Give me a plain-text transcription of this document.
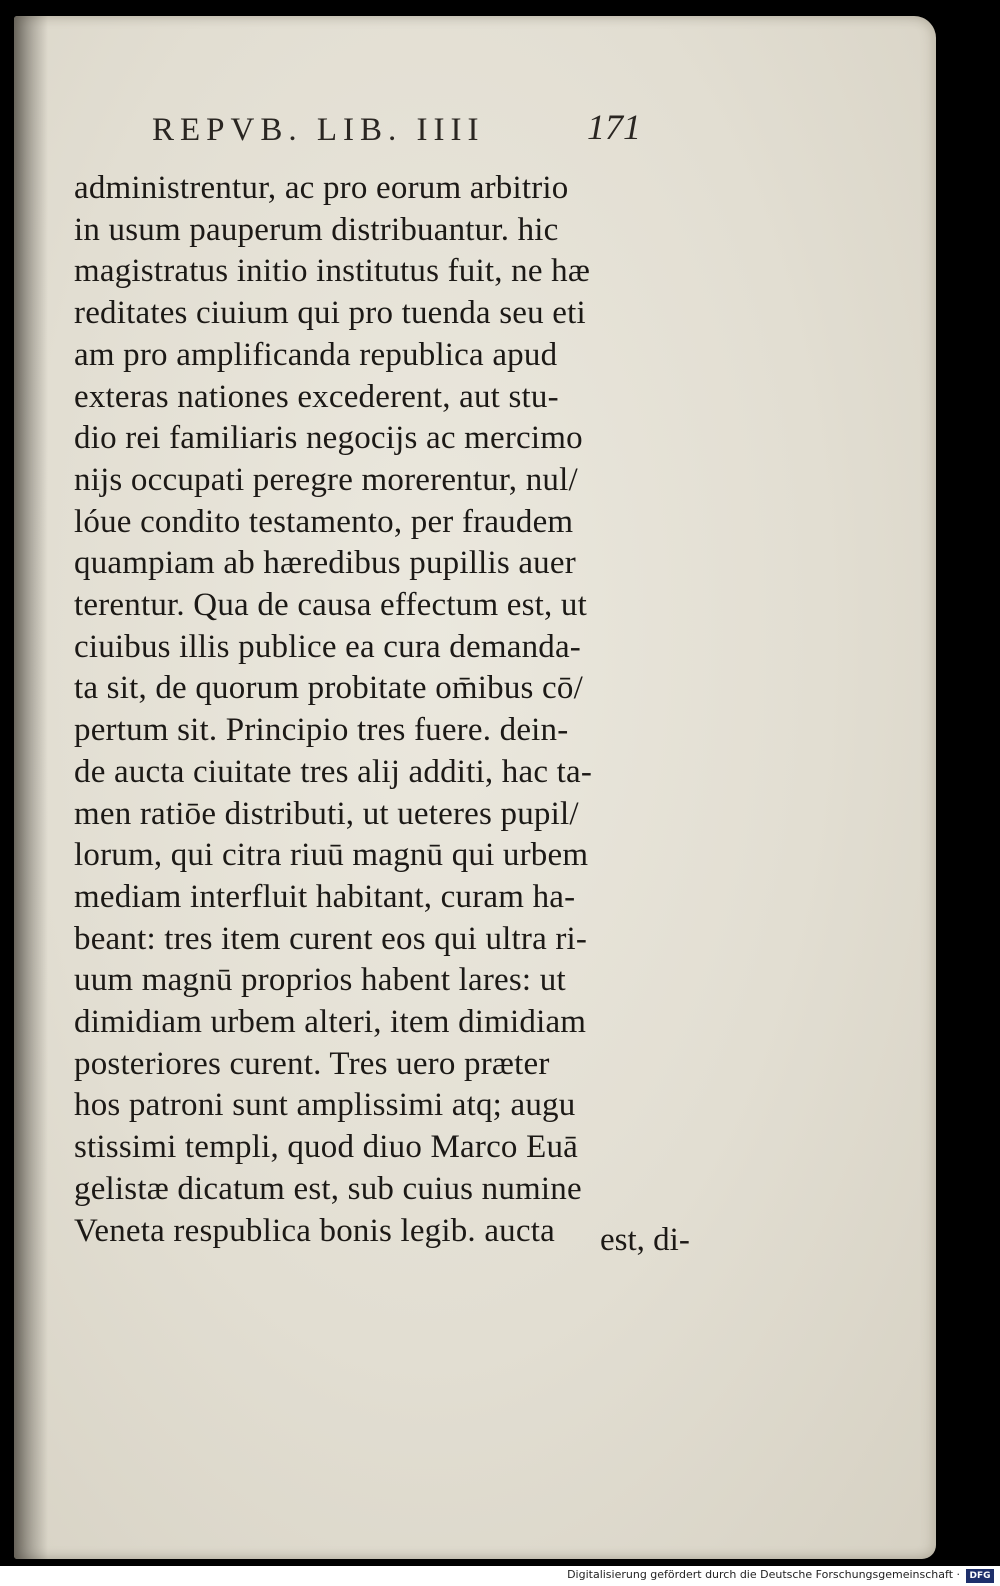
REPVB. LIB. IIII	171
administrentur, ac pro eorum arbitrio
in usum pauperum distribuantur. hic
magistratus initio institutus fuit, ne hæ
reditates ciuium qui pro tuenda seu eti
am pro amplificanda republica apud
exteras nationes excederent, aut stu-
dio rei familiaris negocijs ac mercimo
nijs occupati peregre morerentur, nul/
lóue condito testamento, per fraudem
quampiam ab hæredibus pupillis auer
terentur. Qua de causa effectum est, ut
ciuibus illis publice ea cura demanda-
ta sit, de quorum probitate om̄ibus cō/
pertum sit. Principio tres fuere. dein-
de aucta ciuitate tres alij additi, hac ta-
men ratiōe distributi, ut ueteres pupil/
lorum, qui citra riuū magnū qui urbem
mediam interfluit habitant, curam ha-
beant: tres item curent eos qui ultra ri-
uum magnū proprios habent lares: ut
dimidiam urbem alteri, item dimidiam
posteriores curent. Tres uero præter
hos patroni sunt amplissimi atq; augu
stissimi templi, quod diuo Marco Euā
gelistæ dicatum est, sub cuius numine
Veneta respublica bonis legib. aucta	est, di-
Digitalisierung gefördert durch die Deutsche Forschungsgemeinschaft ·	DFG
